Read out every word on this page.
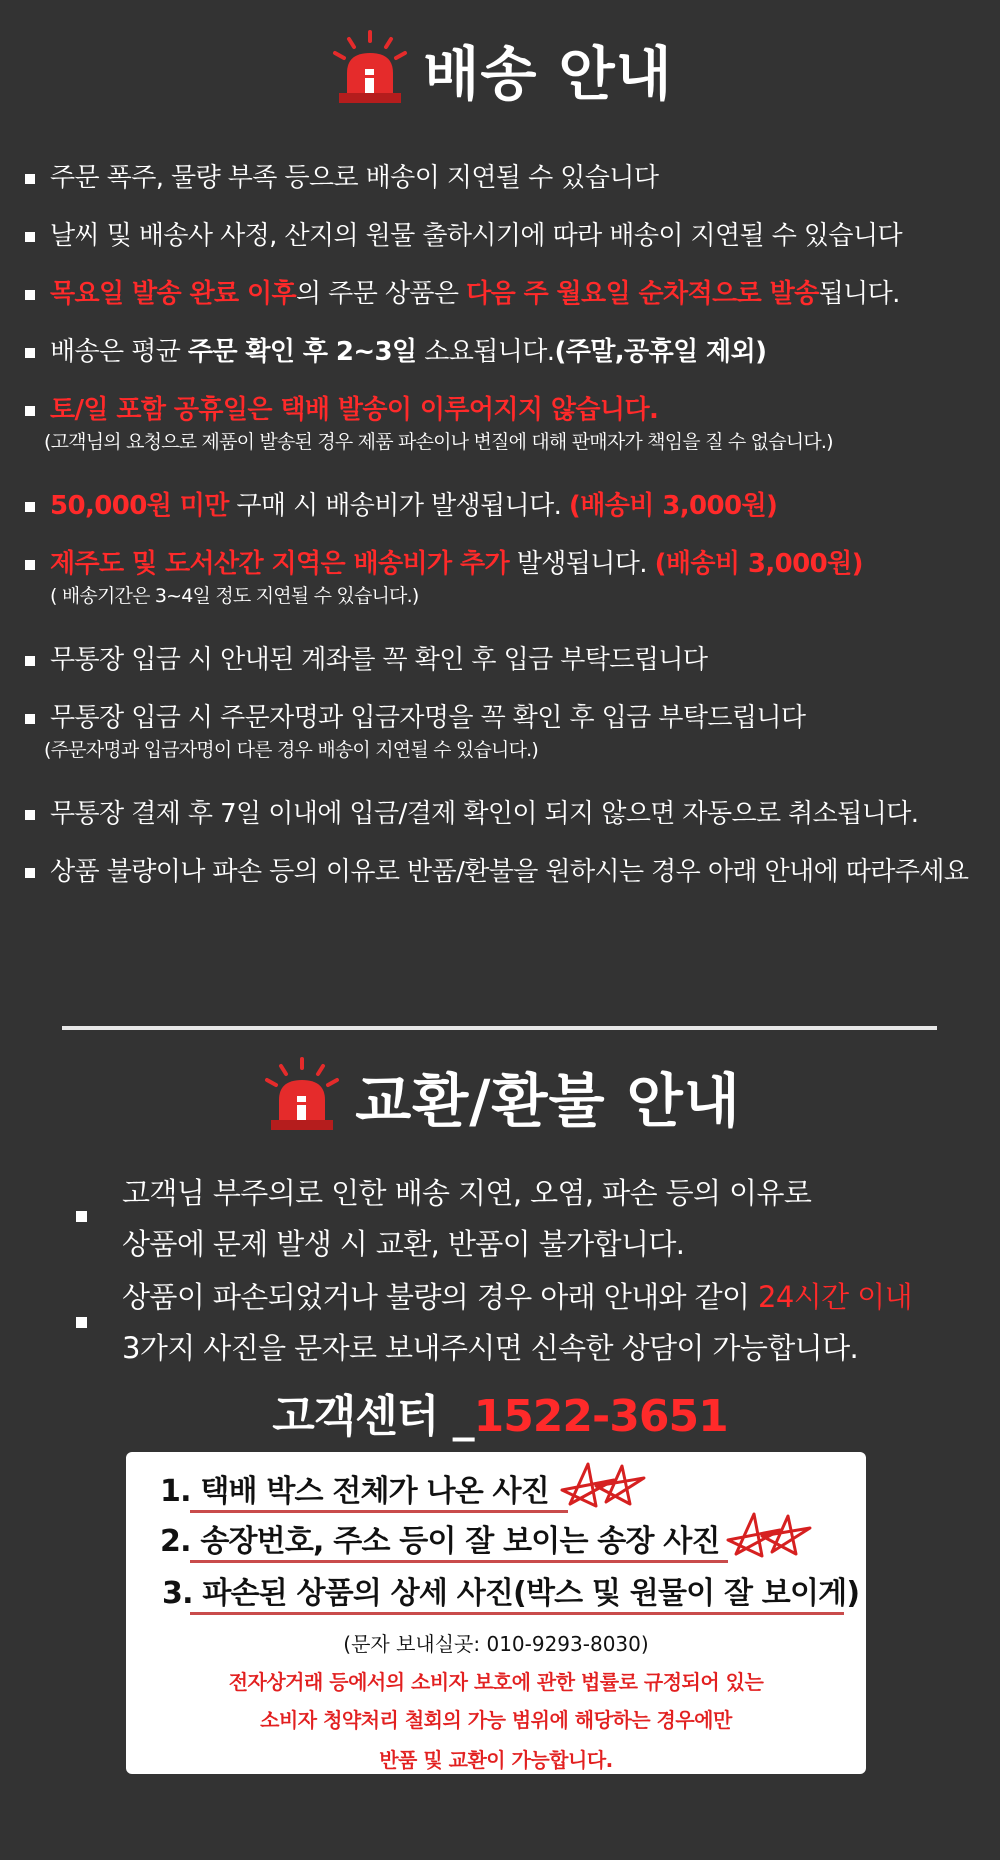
배송 안내
주문 폭주, 물량 부족 등으로 배송이 지연될 수 있습니다
날씨 및 배송사 사정, 산지의 원물 출하시기에 따라 배송이 지연될 수 있습니다
목요일 발송 완료 이후의 주문 상품은 다음 주 월요일 순차적으로 발송됩니다.
배송은 평균 주문 확인 후 2~3일 소요됩니다.(주말,공휴일 제외)
토/일 포함 공휴일은 택배 발송이 이루어지지 않습니다.
(고객님의 요청으로 제품이 발송된 경우 제품 파손이나 변질에 대해 판매자가 책임을 질 수 없습니다.)
50,000원 미만 구매 시 배송비가 발생됩니다. (배송비 3,000원)
제주도 및 도서산간 지역은 배송비가 추가 발생됩니다. (배송비 3,000원)
( 배송기간은 3~4일 정도 지연될 수 있습니다.)
무통장 입금 시 안내된 계좌를 꼭 확인 후 입금 부탁드립니다
무통장 입금 시 주문자명과 입금자명을 꼭 확인 후 입금 부탁드립니다
(주문자명과 입금자명이 다른 경우 배송이 지연될 수 있습니다.)
무통장 결제 후 7일 이내에 입금/결제 확인이 되지 않으면 자동으로 취소됩니다.
상품 불량이나 파손 등의 이유로 반품/환불을 원하시는 경우 아래 안내에 따라주세요
교환/환불 안내
고객님 부주의로 인한 배송 지연, 오염, 파손 등의 이유로
상품에 문제 발생 시 교환, 반품이 불가합니다.
상품이 파손되었거나 불량의 경우 아래 안내와 같이 24시간 이내
3가지 사진을 문자로 보내주시면 신속한 상담이 가능합니다.
고객센터 _1522-3651
1. 택배 박스 전체가 나온 사진
2. 송장번호, 주소 등이 잘 보이는 송장 사진
3. 파손된 상품의 상세 사진(박스 및 원물이 잘 보이게)
(문자 보내실곳: 010-9293-8030)
전자상거래 등에서의 소비자 보호에 관한 법률로 규정되어 있는
소비자 청약처리 철회의 가능 범위에 해당하는 경우에만
반품 및 교환이 가능합니다.
